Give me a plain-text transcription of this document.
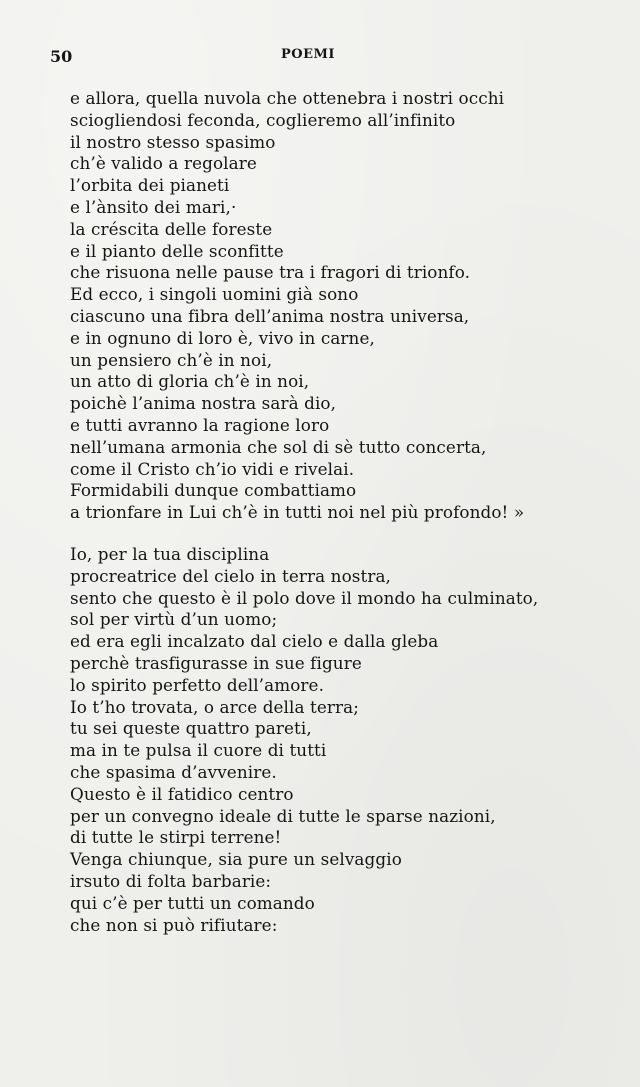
50	POEMI
e allora, quella nuvola che ottenebra i nostri occhi
sciogliendosi feconda, coglieremo all’infinito
il nostro stesso spasimo
ch’è valido a regolare
l’orbita dei pianeti
e l’ànsito dei mari,·
la créscita delle foreste
e il pianto delle sconfitte
che risuona nelle pause tra i fragori di trionfo.
Ed ecco, i singoli uomini già sono
ciascuno una fibra dell’anima nostra universa,
e in ognuno di loro è, vivo in carne,
un pensiero ch’è in noi,
un atto di gloria ch’è in noi,
poichè l’anima nostra sarà dio,
e tutti avranno la ragione loro
nell’umana armonia che sol di sè tutto concerta,
come il Cristo ch’io vidi e rivelai.
Formidabili dunque combattiamo
a trionfare in Lui ch’è in tutti noi nel più profondo! »
Io, per la tua disciplina
procreatrice del cielo in terra nostra,
sento che questo è il polo dove il mondo ha culminato,
sol per virtù d’un uomo;
ed era egli incalzato dal cielo e dalla gleba
perchè trasfigurasse in sue figure
lo spirito perfetto dell’amore.
Io t’ho trovata, o arce della terra;
tu sei queste quattro pareti,
ma in te pulsa il cuore di tutti
che spasima d’avvenire.
Questo è il fatidico centro
per un convegno ideale di tutte le sparse nazioni,
di tutte le stirpi terrene!
Venga chiunque, sia pure un selvaggio
irsuto di folta barbarie:
qui c’è per tutti un comando
che non si può rifiutare:
